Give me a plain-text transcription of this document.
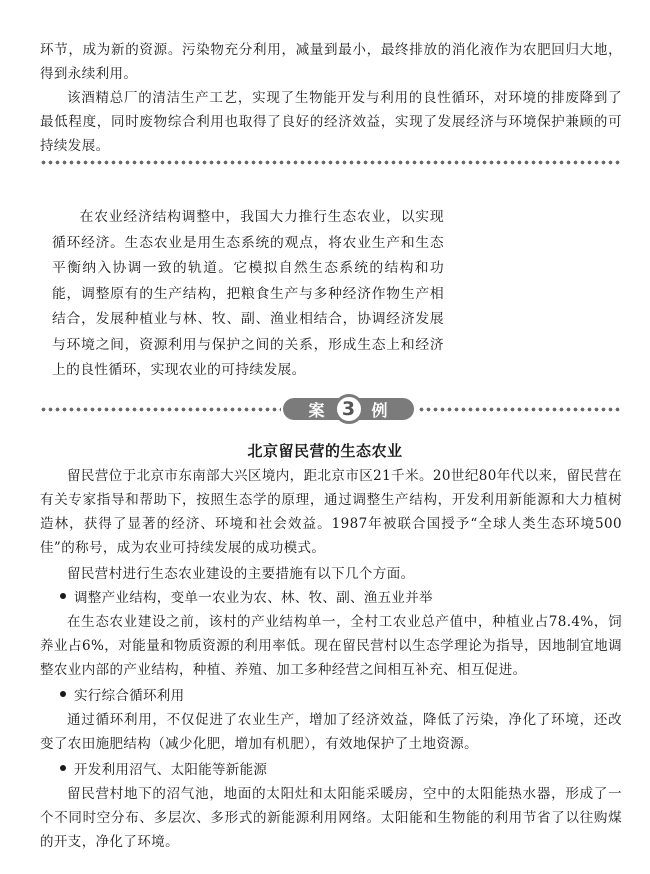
环节，成为新的资源。污染物充分利用，减量到最小，最终排放的消化液作为农肥回归大地，得到永续利用。

该酒精总厂的清洁生产工艺，实现了生物能开发与利用的良性循环，对环境的排废降到了最低程度，同时废物综合利用也取得了良好的经济效益，实现了发展经济与环境保护兼顾的可持续发展。

在农业经济结构调整中，我国大力推行生态农业，以实现循环经济。生态农业是用生态系统的观点，将农业生产和生态平衡纳入协调一致的轨道。它模拟自然生态系统的结构和功能，调整原有的生产结构，把粮食生产与多种经济作物生产相结合，发展种植业与林、牧、副、渔业相结合，协调经济发展与环境之间，资源利用与保护之间的关系，形成生态上和经济上的良性循环，实现农业的可持续发展。

案 3	例
北京留民营的生态农业

留民营位于北京市东南部大兴区境内，距北京市区21千米。20世纪80年代以来，留民营在有关专家指导和帮助下，按照生态学的原理，通过调整生产结构，开发利用新能源和大力植树造林，获得了显著的经济、环境和社会效益。1987年被联合国授予“全球人类生态环境500佳”的称号，成为农业可持续发展的成功模式。

留民营村进行生态农业建设的主要措施有以下几个方面。

调整产业结构，变单一农业为农、林、牧、副、渔五业并举

在生态农业建设之前，该村的产业结构单一，全村工农业总产值中，种植业占78.4%，饲养业占6%，对能量和物质资源的利用率低。现在留民营村以生态学理论为指导，因地制宜地调整农业内部的产业结构，种植、养殖、加工多种经营之间相互补充、相互促进。

实行综合循环利用

通过循环利用，不仅促进了农业生产，增加了经济效益，降低了污染，净化了环境，还改变了农田施肥结构（减少化肥，增加有机肥），有效地保护了土地资源。

开发利用沼气、太阳能等新能源

留民营村地下的沼气池，地面的太阳灶和太阳能采暖房，空中的太阳能热水器，形成了一个不同时空分布、多层次、多形式的新能源利用网络。太阳能和生物能的利用节省了以往购煤的开支，净化了环境。
